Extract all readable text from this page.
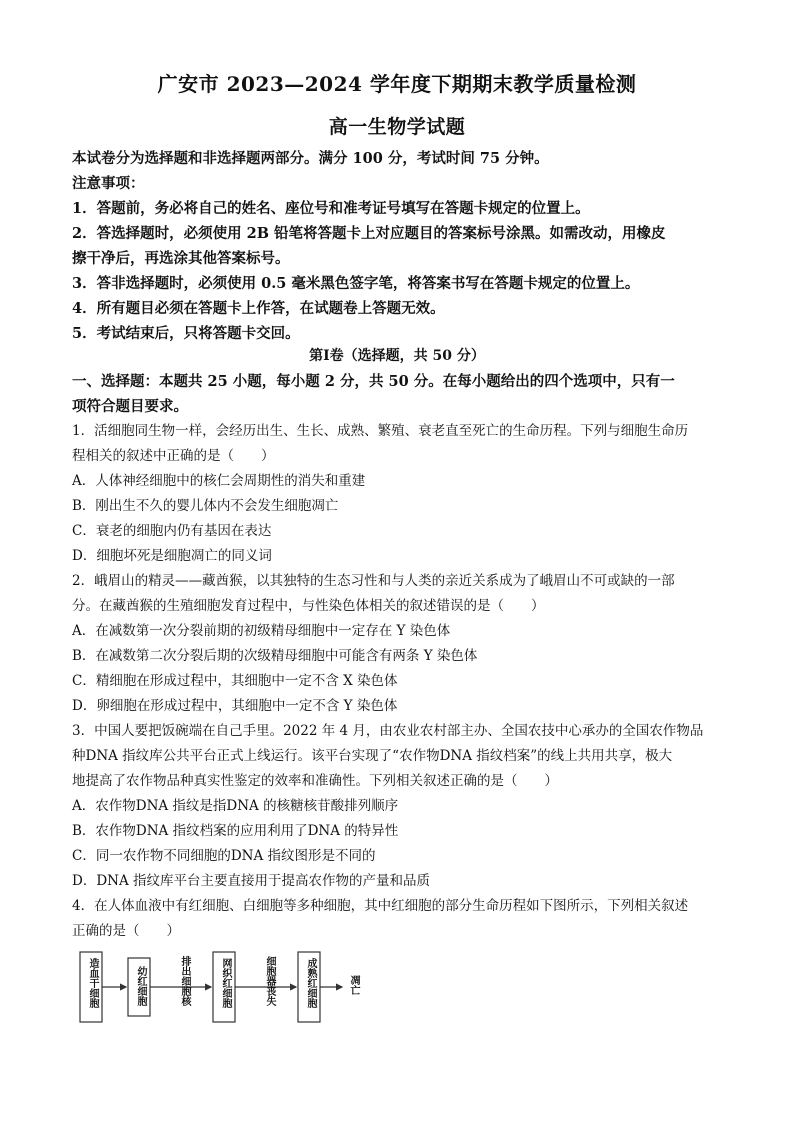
广安市 2023—2024 学年度下期期末教学质量检测
高一生物学试题
本试卷分为选择题和非选择题两部分。满分 100 分，考试时间 75 分钟。
注意事项：
1．答题前，务必将自己的姓名、座位号和准考证号填写在答题卡规定的位置上。
2．答选择题时，必须使用 2B 铅笔将答题卡上对应题目的答案标号涂黑。如需改动，用橡皮
擦干净后，再选涂其他答案标号。
3．答非选择题时，必须使用 0.5 毫米黑色签字笔，将答案书写在答题卡规定的位置上。
4．所有题目必须在答题卡上作答，在试题卷上答题无效。
5．考试结束后，只将答题卡交回。
第Ⅰ卷（选择题，共 50 分）
一、选择题：本题共 25 小题，每小题 2 分，共 50 分。在每小题给出的四个选项中，只有一
项符合题目要求。
1．活细胞同生物一样，会经历出生、生长、成熟、繁殖、衰老直至死亡的生命历程。下列与细胞生命历
程相关的叙述中正确的是（　　）
A．人体神经细胞中的核仁会周期性的消失和重建
B．刚出生不久的婴儿体内不会发生细胞凋亡
C．衰老的细胞内仍有基因在表达
D．细胞坏死是细胞凋亡的同义词
2．峨眉山的精灵——藏酋猴，以其独特的生态习性和与人类的亲近关系成为了峨眉山不可或缺的一部
分。在藏酋猴的生殖细胞发育过程中，与性染色体相关的叙述错误的是（　　）
A．在减数第一次分裂前期的初级精母细胞中一定存在 Y 染色体
B．在减数第二次分裂后期的次级精母细胞中可能含有两条 Y 染色体
C．精细胞在形成过程中，其细胞中一定不含 X 染色体
D．卵细胞在形成过程中，其细胞中一定不含 Y 染色体
3．中国人要把饭碗端在自己手里。2022 年 4 月，由农业农村部主办、全国农技中心承办的全国农作物品
种DNA 指纹库公共平台正式上线运行。该平台实现了“农作物DNA 指纹档案”的线上共用共享，极大
地提高了农作物品种真实性鉴定的效率和准确性。下列相关叙述正确的是（　　）
A．农作物DNA 指纹是指DNA 的核糖核苷酸排列顺序
B．农作物DNA 指纹档案的应用利用了DNA 的特异性
C．同一农作物不同细胞的DNA 指纹图形是不同的
D．DNA 指纹库平台主要直接用于提高农作物的产量和品质
4．在人体血液中有红细胞、白细胞等多种细胞，其中红细胞的部分生命历程如下图所示，下列相关叙述
正确的是（　　）
造血干细胞	幼红细胞	排出细胞核	网织红细胞	细胞器丧失	成熟红细胞	凋亡
